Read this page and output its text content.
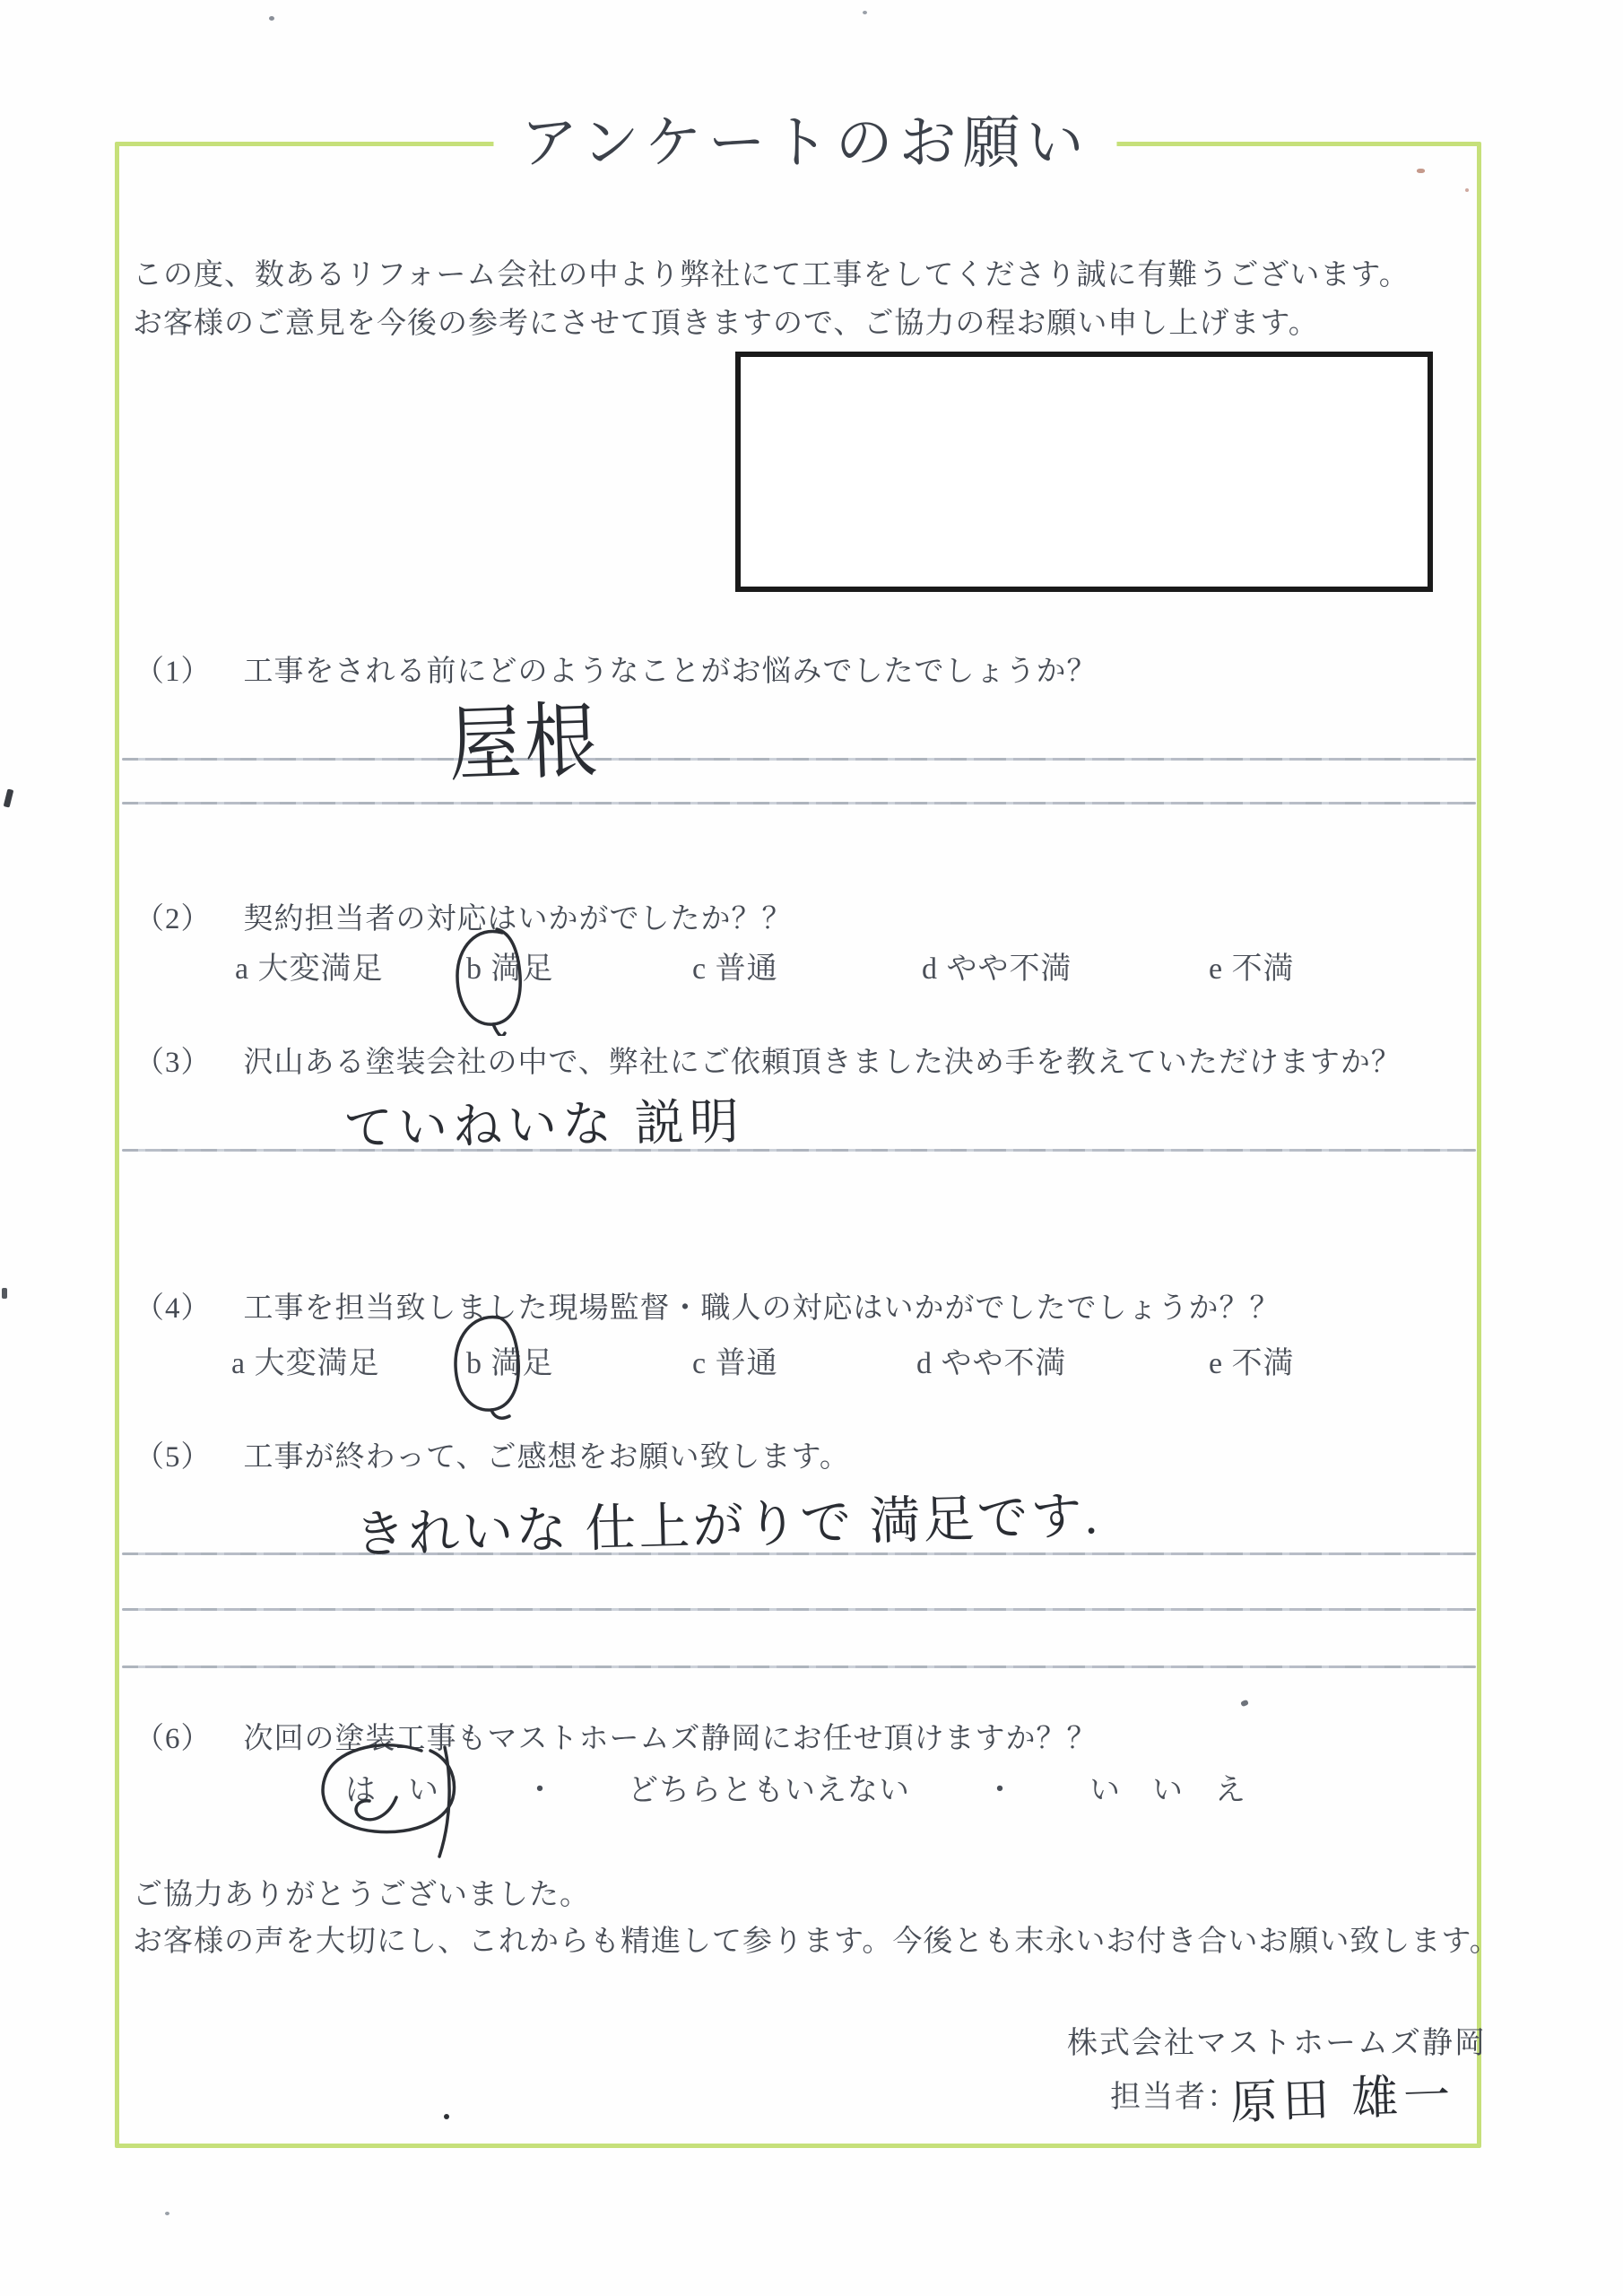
アンケートのお願い
この度、数あるリフォーム会社の中より弊社にて工事をしてくださり誠に有難うございます。
お客様のご意見を今後の参考にさせて頂きますので、ご協力の程お願い申し上げます。
（1） 工事をされる前にどのようなことがお悩みでしたでしょうか？
屋根
（2） 契約担当者の対応はいかがでしたか？？
a 大変満足	b 満足	c 普通	d やや不満	e 不満
（3） 沢山ある塗装会社の中で、弊社にご依頼頂きました決め手を教えていただけますか？
ていねいな 説明
（4） 工事を担当致しました現場監督・職人の対応はいかがでしたでしょうか？？
a 大変満足	b 満足	c 普通	d やや不満	e 不満
（5） 工事が終わって、ご感想をお願い致します。
きれいな 仕上がりで 満足です.
（6） 次回の塗装工事もマストホームズ静岡にお任せ頂けますか？？
は　い	・ どちらともいえない ・ い　い　え
ご協力ありがとうございました。
お客様の声を大切にし、これからも精進して参ります。今後とも末永いお付き合いお願い致します。
株式会社マストホームズ静岡
担当者：
原田 雄一
